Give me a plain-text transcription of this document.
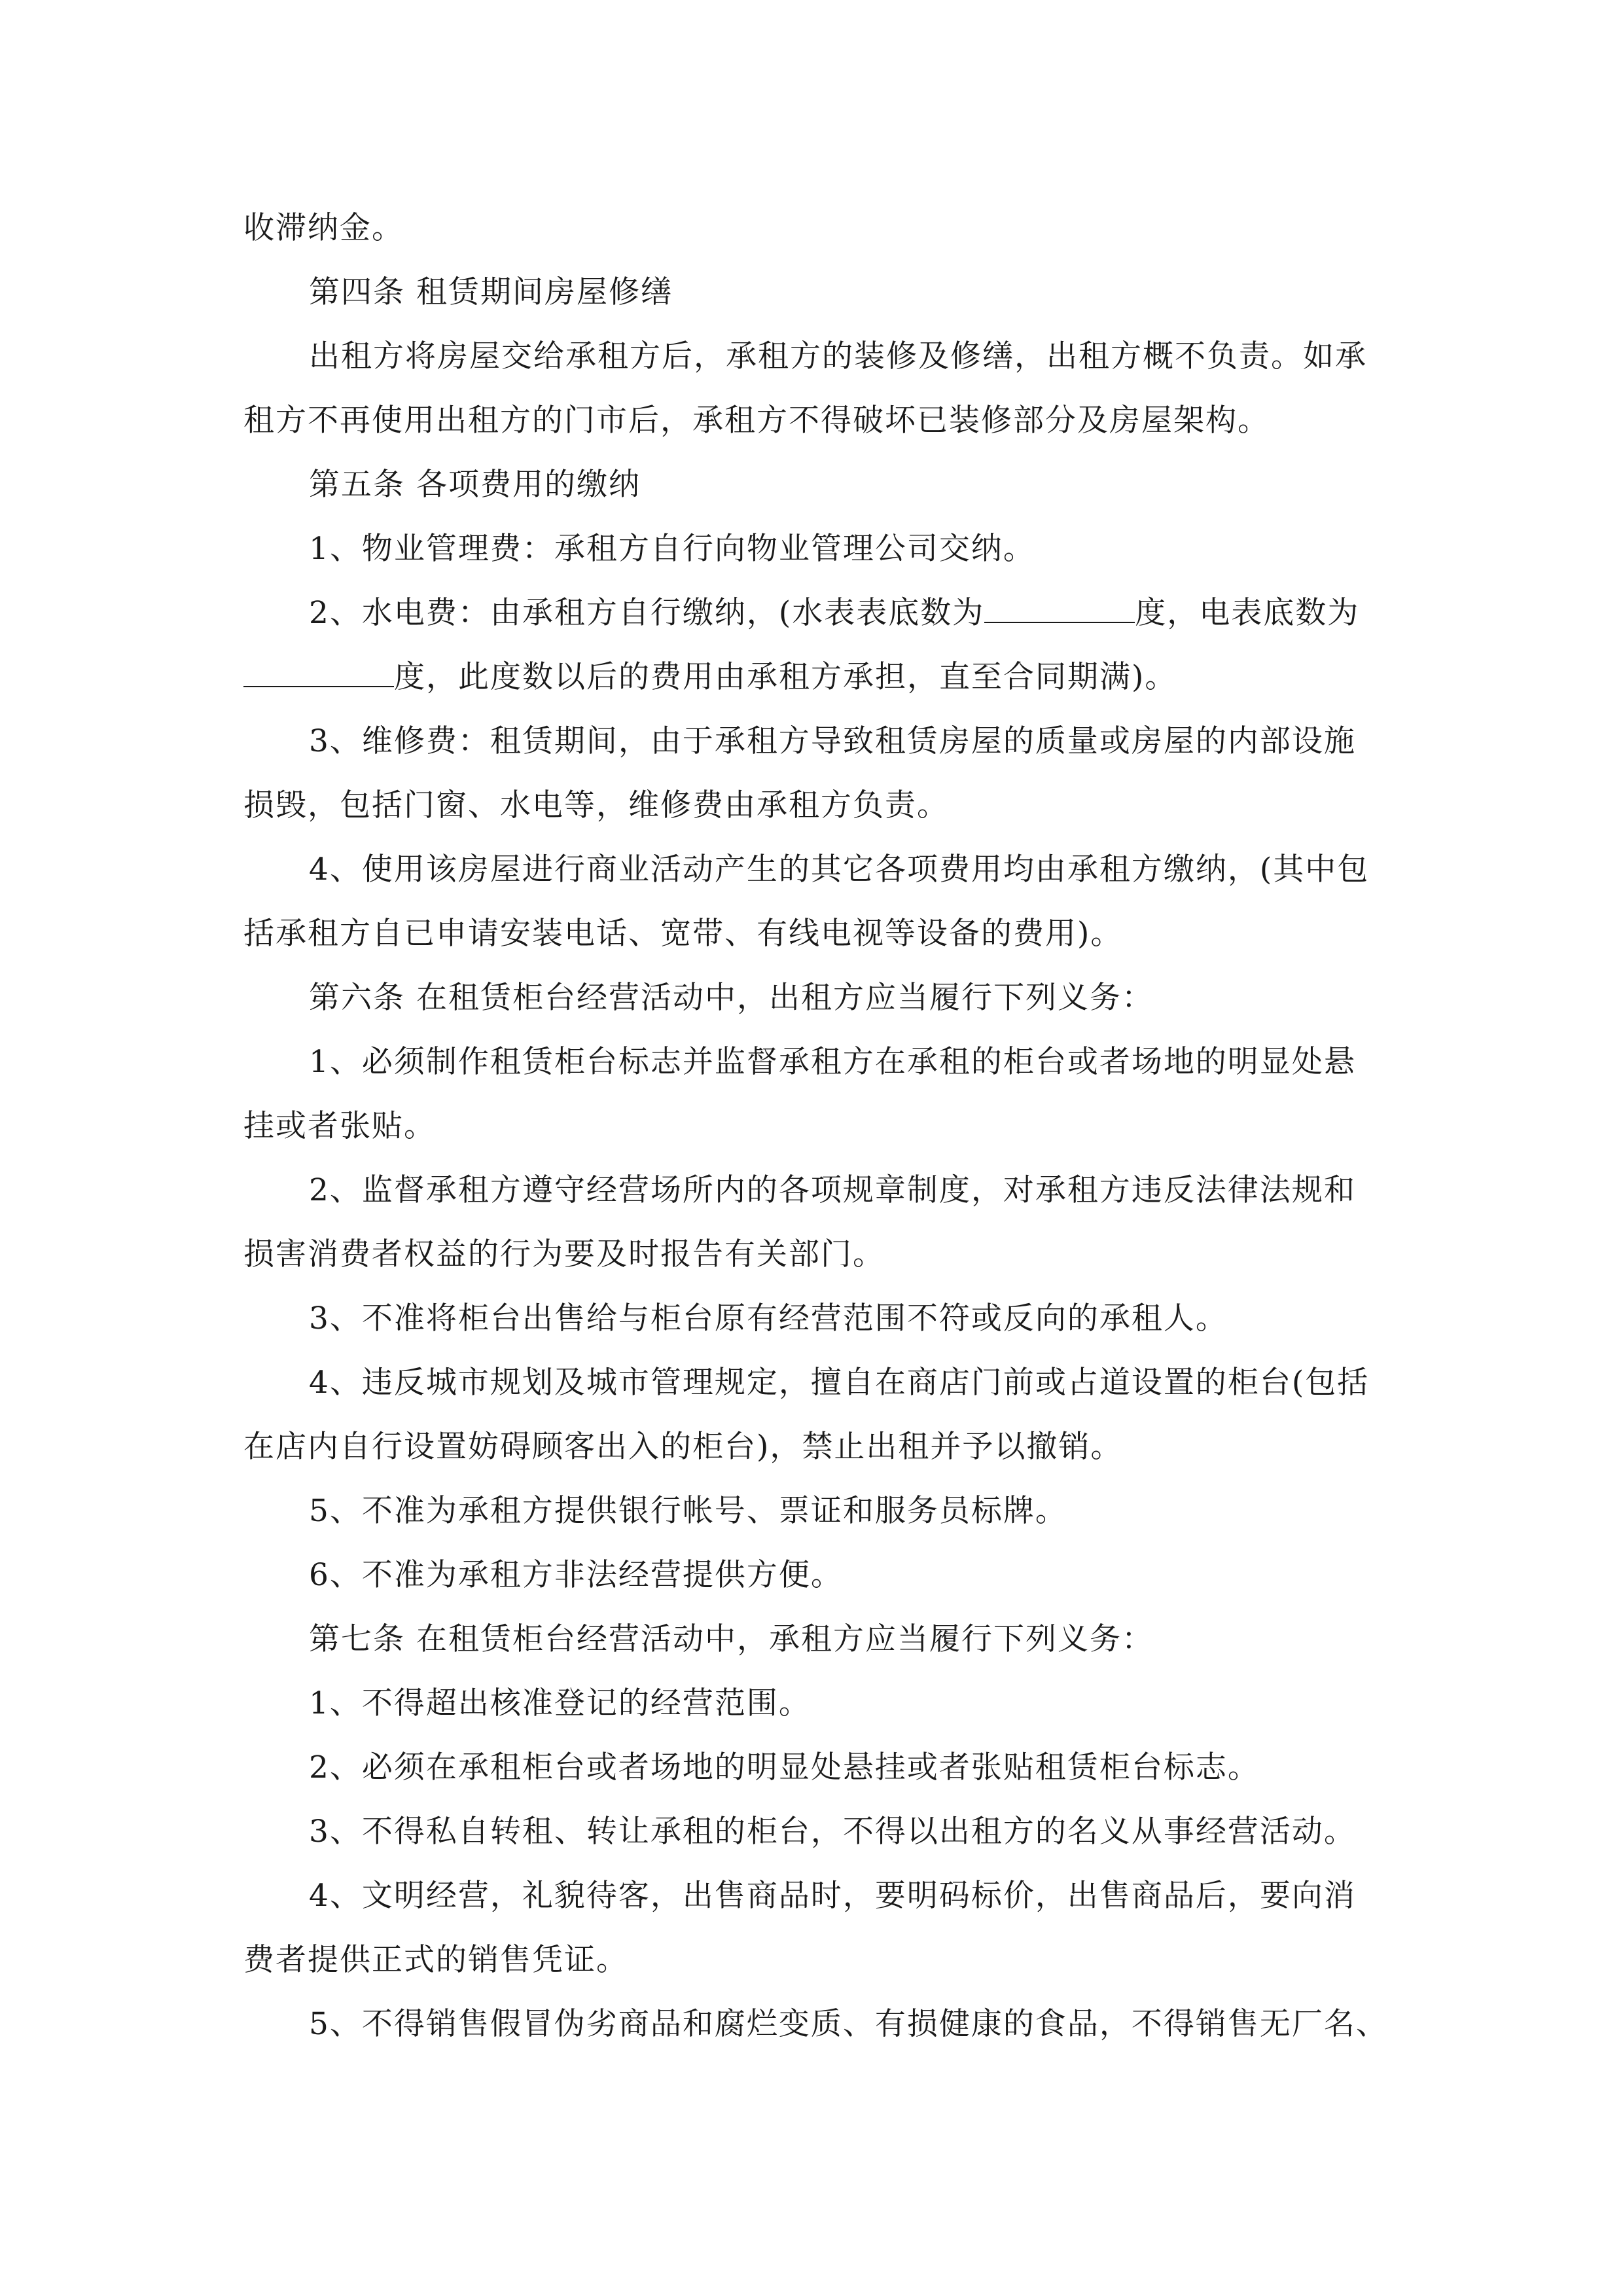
收滞纳金。
第四条 租赁期间房屋修缮
出租方将房屋交给承租方后，承租方的装修及修缮，出租方概不负责。如承
租方不再使用出租方的门市后，承租方不得破坏已装修部分及房屋架构。
第五条 各项费用的缴纳
1、物业管理费：承租方自行向物业管理公司交纳。
2、水电费：由承租方自行缴纳，(水表表底数为	度，电表底数为
度，此度数以后的费用由承租方承担，直至合同期满)。
3、维修费：租赁期间，由于承租方导致租赁房屋的质量或房屋的内部设施
损毁，包括门窗、水电等，维修费由承租方负责。
4、使用该房屋进行商业活动产生的其它各项费用均由承租方缴纳，(其中包
括承租方自已申请安装电话、宽带、有线电视等设备的费用)。
第六条 在租赁柜台经营活动中，出租方应当履行下列义务：
1、必须制作租赁柜台标志并监督承租方在承租的柜台或者场地的明显处悬
挂或者张贴。
2、监督承租方遵守经营场所内的各项规章制度，对承租方违反法律法规和
损害消费者权益的行为要及时报告有关部门。
3、不准将柜台出售给与柜台原有经营范围不符或反向的承租人。
4、违反城市规划及城市管理规定，擅自在商店门前或占道设置的柜台(包括
在店内自行设置妨碍顾客出入的柜台)，禁止出租并予以撤销。
5、不准为承租方提供银行帐号、票证和服务员标牌。
6、不准为承租方非法经营提供方便。
第七条 在租赁柜台经营活动中，承租方应当履行下列义务：
1、不得超出核准登记的经营范围。
2、必须在承租柜台或者场地的明显处悬挂或者张贴租赁柜台标志。
3、不得私自转租、转让承租的柜台，不得以出租方的名义从事经营活动。
4、文明经营，礼貌待客，出售商品时，要明码标价，出售商品后，要向消
费者提供正式的销售凭证。
5、不得销售假冒伪劣商品和腐烂变质、有损健康的食品，不得销售无厂名、
